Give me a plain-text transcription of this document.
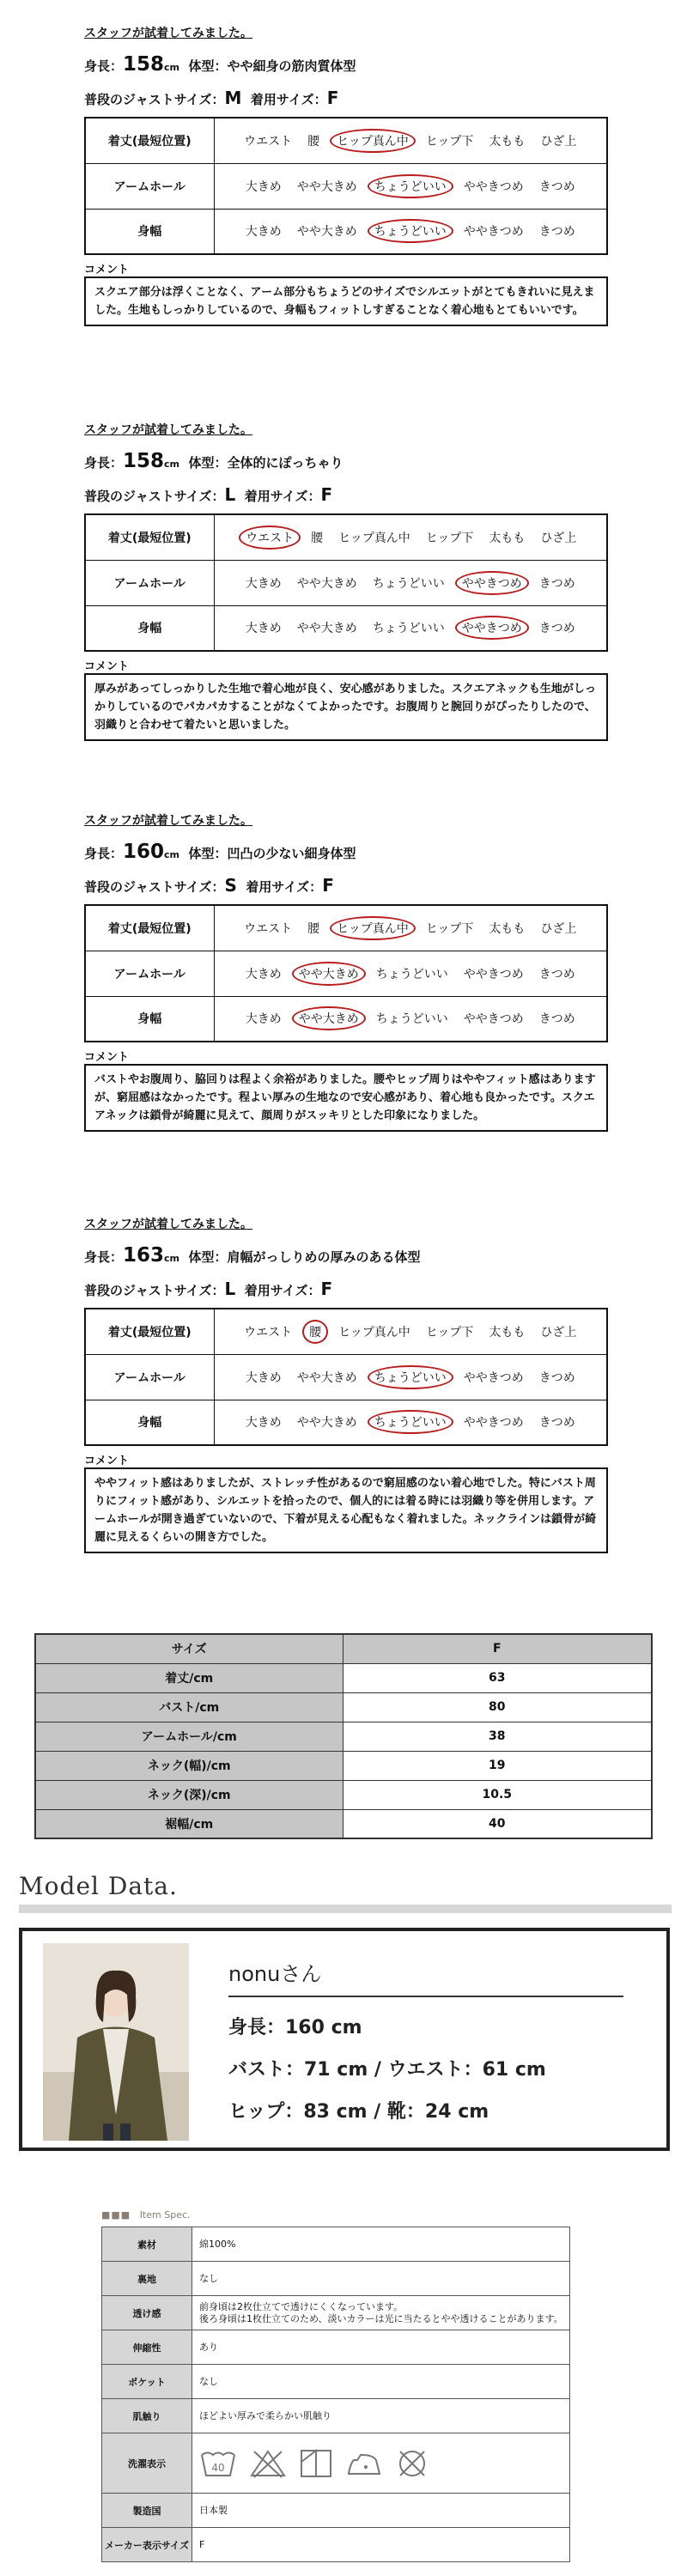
スタッフが試着してみました。
身長：158cm 体型：やや細身の筋肉質体型
普段のジャストサイズ：M 着用サイズ：F
着丈(最短位置)	ウエスト 腰 ヒップ真ん中 ヒップ下 太もも ひざ上
アームホール	大きめ やや大きめ ちょうどいい ややきつめ きつめ
身幅	大きめ やや大きめ ちょうどいい ややきつめ きつめ
コメント
スクエア部分は浮くことなく、アーム部分もちょうどのサイズでシルエットがとてもきれいに見えました。生地もしっかりしているので、身幅もフィットしすぎることなく着心地もとてもいいです。
スタッフが試着してみました。
身長：158cm 体型：全体的にぽっちゃり
普段のジャストサイズ：L 着用サイズ：F
着丈(最短位置)	ウエスト 腰 ヒップ真ん中 ヒップ下 太もも ひざ上
アームホール	大きめ やや大きめ ちょうどいい ややきつめ きつめ
身幅	大きめ やや大きめ ちょうどいい ややきつめ きつめ
コメント
厚みがあってしっかりした生地で着心地が良く、安心感がありました。スクエアネックも生地がしっかりしているのでパカパカすることがなくてよかったです。お腹周りと腕回りがぴったりしたので、羽織りと合わせて着たいと思いました。
スタッフが試着してみました。
身長：160cm 体型：凹凸の少ない細身体型
普段のジャストサイズ：S 着用サイズ：F
着丈(最短位置)	ウエスト 腰 ヒップ真ん中 ヒップ下 太もも ひざ上
アームホール	大きめ やや大きめ ちょうどいい ややきつめ きつめ
身幅	大きめ やや大きめ ちょうどいい ややきつめ きつめ
コメント
バストやお腹周り、脇回りは程よく余裕がありました。腰やヒップ周りはややフィット感はありますが、窮屈感はなかったです。程よい厚みの生地なので安心感があり、着心地も良かったです。スクエアネックは鎖骨が綺麗に見えて、顔周りがスッキリとした印象になりました。
スタッフが試着してみました。
身長：163cm 体型：肩幅がっしりめの厚みのある体型
普段のジャストサイズ：L 着用サイズ：F
着丈(最短位置)	ウエスト 腰 ヒップ真ん中 ヒップ下 太もも ひざ上
アームホール	大きめ やや大きめ ちょうどいい ややきつめ きつめ
身幅	大きめ やや大きめ ちょうどいい ややきつめ きつめ
コメント
ややフィット感はありましたが、ストレッチ性があるので窮屈感のない着心地でした。特にバスト周りにフィット感があり、シルエットを拾ったので、個人的には着る時には羽織り等を併用します。アームホールが開き過ぎていないので、下着が見える心配もなく着れました。ネックラインは鎖骨が綺麗に見えるくらいの開き方でした。
サイズ	F
着丈/cm	63
バスト/cm	80
アームホール/cm	38
ネック(幅)/cm	19
ネック(深)/cm	10.5
裾幅/cm	40
Model Data.
nonuさん
身長：160 cm
バスト：71 cm / ウエスト：61 cm
ヒップ：83 cm / 靴：24 cm
■■■ Item Spec.
素材	綿100%
裏地	なし
透け感	前身頃は2枚仕立てで透けにくくなっています。
後ろ身頃は1枚仕立てのため、淡いカラーは光に当たるとやや透けることがあります。
伸縮性	あり
ポケット	なし
肌触り	ほどよい厚みで柔らかい肌触り
洗濯表示	40

製造国	日本製
メーカー表示サイズ	F
